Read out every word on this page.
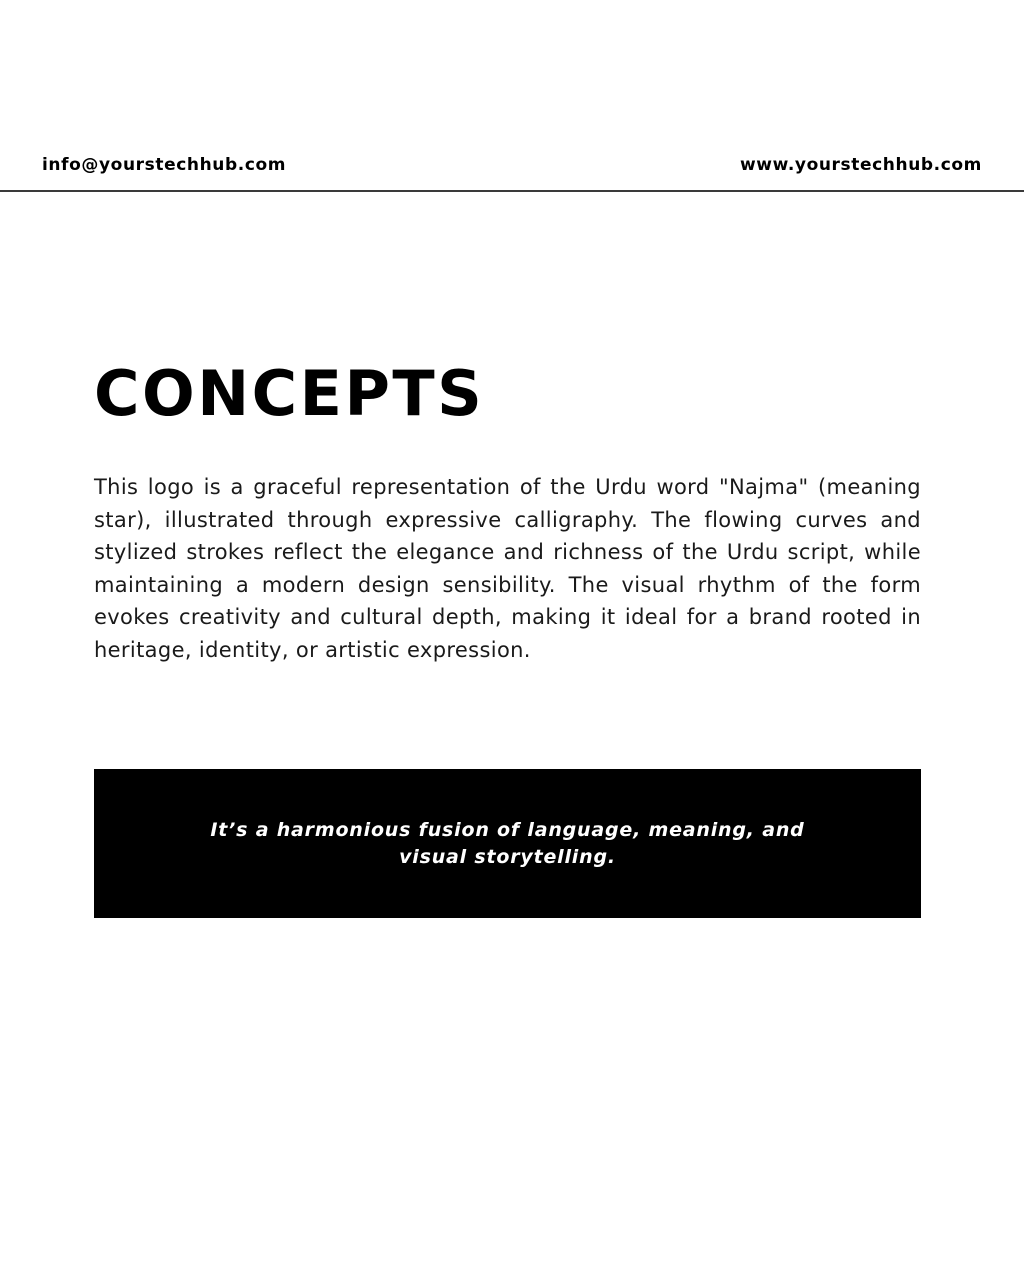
info@yourstechhub.com	www.yourstechhub.com
CONCEPTS

This logo is a graceful representation of the Urdu word "Najma" (meaning star), illustrated through expressive calligraphy. The flowing curves and stylized strokes reflect the elegance and richness of the Urdu script, while maintaining a modern design sensibility. The visual rhythm of the form evokes creativity and cultural depth, making it ideal for a brand rooted in heritage, identity, or artistic expression.

It’s a harmonious fusion of language, meaning, and visual storytelling.
